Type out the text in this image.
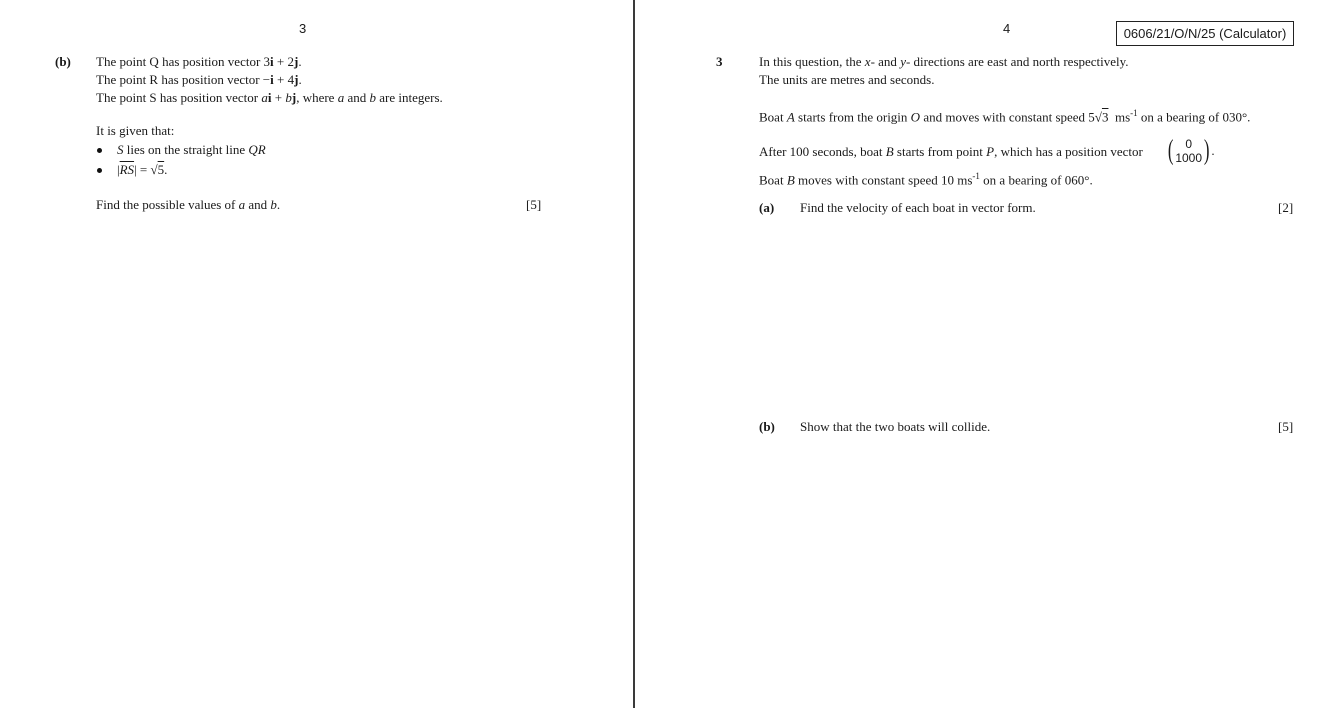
3
(b) The point Q has position vector 3i + 2j.
The point R has position vector −i + 4j.
The point S has position vector ai + bj, where a and b are integers.
It is given that:
S lies on the straight line QR
$|\overline{RS}| = √5$.
Find the possible values of a and b.	[5]
4	0606/21/O/N/25 (Calculator)
3	In this question, the x- and y- directions are east and north respectively.
The units are metres and seconds.
Boat A starts from the origin O and moves with constant speed 5√3  $ms^{-1}$ on a bearing of 030°.
After 100 seconds, boat B starts from point P, which has a position vector ( 0
1000 ) .
Boat B moves with constant speed 10 $ms^{-1}$ on a bearing of 060°.
(a) Find the velocity of each boat in vector form.	[2]
(b) Show that the two boats will collide.	[5]
